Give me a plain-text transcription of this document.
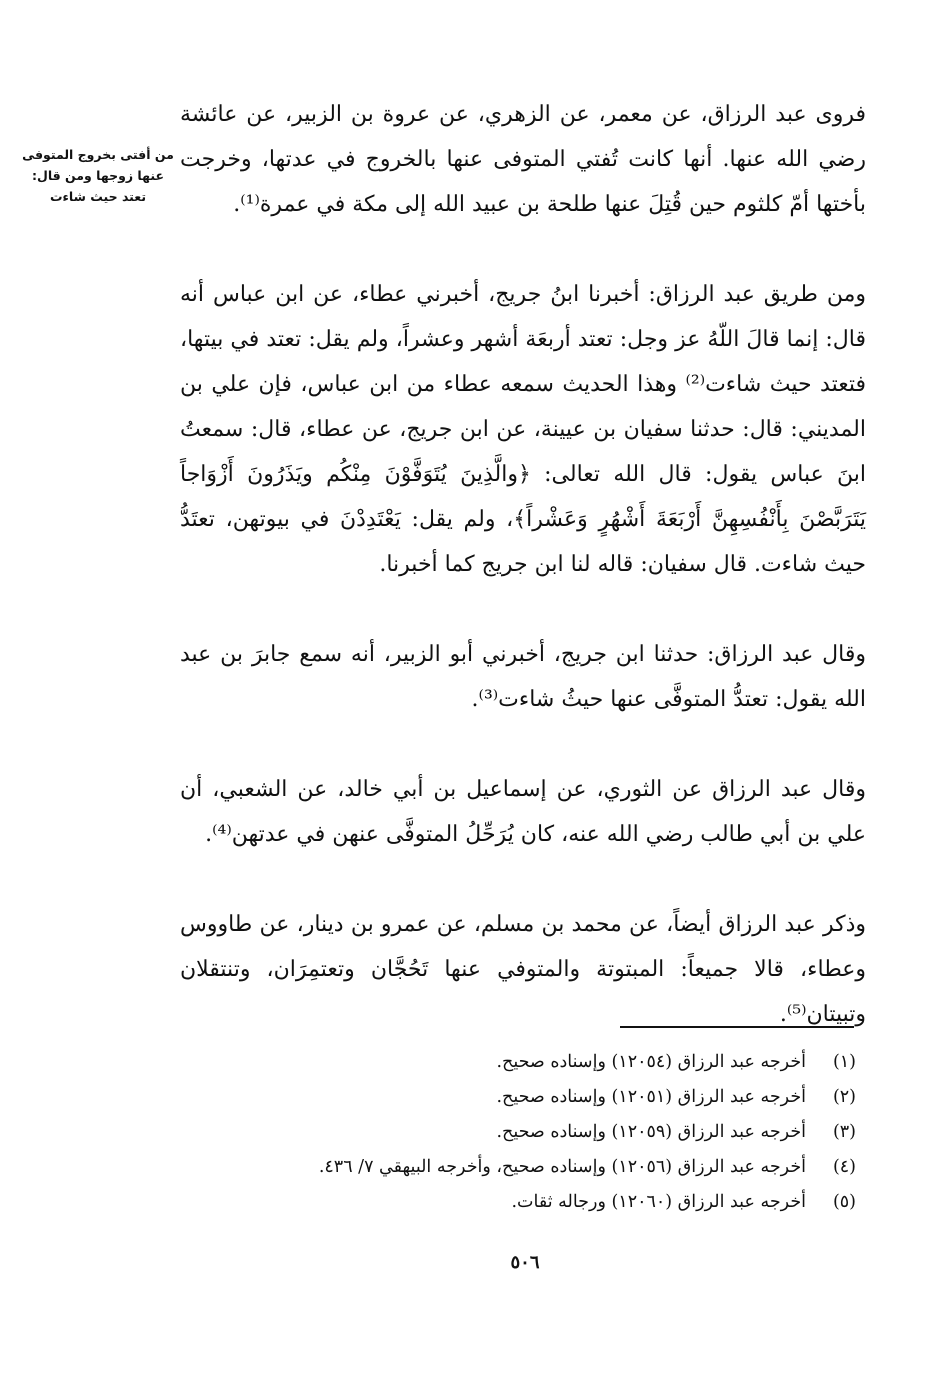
من أفتى بخروج المتوفى
عنها زوجها ومن قال:
تعتد حيث شاءت

فروى عبد الرزاق، عن معمر، عن الزهري، عن عروة بن الزبير، عن عائشة رضي الله عنها. أنها كانت تُفتي المتوفى عنها بالخروج في عدتها، وخرجت بأختها أمّ كلثوم حين قُتِلَ عنها طلحة بن عبيد الله إلى مكة في عمرة⁽¹⁾.

ومن طريق عبد الرزاق: أخبرنا ابنُ جريج، أخبرني عطاء، عن ابن عباس أنه قال: إنما قالَ اللّهُ عز وجل: تعتد أربعَة أشهر وعشراً، ولم يقل: تعتد في بيتها، فتعتد حيث شاءت⁽²⁾ وهذا الحديث سمعه عطاء من ابن عباس، فإن علي بن المديني: قال: حدثنا سفيان بن عيينة، عن ابن جريج، عن عطاء، قال: سمعتُ ابنَ عباس يقول: قال الله تعالى: ﴿والَّذِينَ يُتَوَفَّوْنَ مِنْكُم ويَذَرُونَ أَزْوَاجاً يَتَرَبَّصْنَ بِأَنْفُسِهِنَّ أَرْبَعَةَ أَشْهُرٍ وَعَشْراً﴾، ولم يقل: يَعْتَدِدْنَ في بيوتهن، تعتَدُّ حيث شاءت. قال سفيان: قاله لنا ابن جريج كما أخبرنا.

وقال عبد الرزاق: حدثنا ابن جريج، أخبرني أبو الزبير، أنه سمع جابرَ بن عبد الله يقول: تعتدُّ المتوفَّى عنها حيثُ شاءت⁽³⁾.

وقال عبد الرزاق عن الثوري، عن إسماعيل بن أبي خالد، عن الشعبي، أن علي بن أبي طالب رضي الله عنه، كان يُرَحِّلُ المتوفَّى عنهن في عدتهن⁽⁴⁾.

وذكر عبد الرزاق أيضاً، عن محمد بن مسلم، عن عمرو بن دينار، عن طاووس وعطاء، قالا جميعاً: المبتوتة والمتوفي عنها تَحُجَّان وتعتمِرَان، وتنتقلان وتبيتان⁽⁵⁾.

(١)
أخرجه عبد الرزاق (١٢٠٥٤) وإسناده صحيح.
(٢)
أخرجه عبد الرزاق (١٢٠٥١) وإسناده صحيح.
(٣)
أخرجه عبد الرزاق (١٢٠٥٩) وإسناده صحيح.
(٤)
أخرجه عبد الرزاق (١٢٠٥٦) وإسناده صحيح، وأخرجه البيهقي ٧/ ٤٣٦.
(٥)
أخرجه عبد الرزاق (١٢٠٦٠) ورجاله ثقات.
٥٠٦
